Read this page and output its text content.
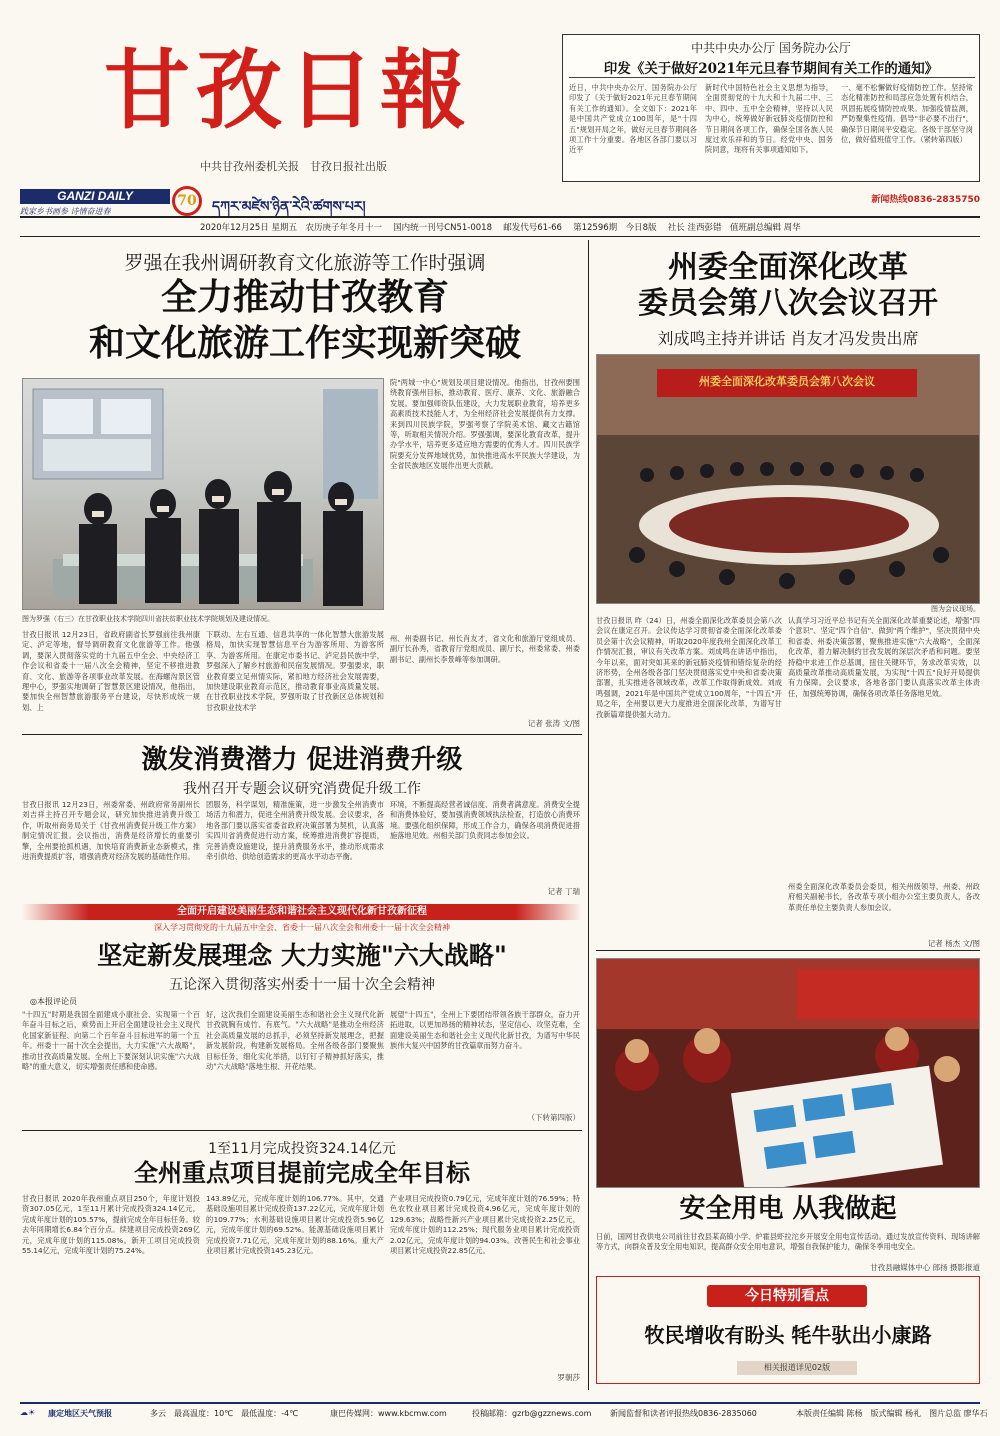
甘孜日報
中共甘孜州委机关报　甘孜日报社出版
中共中央办公厅 国务院办公厅
印发《关于做好2021年元旦春节期间有关工作的通知》
近日，中共中央办公厅、国务院办公厅印发了《关于做好2021年元旦春节期间有关工作的通知》。全文如下：2021年是中国共产党成立100周年，是"十四五"规划开局之年，做好元旦春节期间各项工作十分重要。各地区各部门要以习近平
新时代中国特色社会主义思想为指导，全面贯彻党的十九大和十九届二中、三中、四中、五中全会精神，坚持以人民为中心，统筹做好新冠肺炎疫情防控和节日期间各项工作，确保全国各族人民度过欢乐祥和的节日。经党中央、国务院同意，现将有关事项通知如下。
一、毫不松懈做好疫情防控工作。坚持常态化精准防控和局部应急处置有机结合，巩固拓展疫情防控成果。加强疫情监测，严防聚集性疫情。倡导"非必要不出行"，确保节日期间平安稳定。各级干部坚守岗位，做好值班值守工作。（紧转第四版）
GANZI DAILY
践家乡书画参 诗情奋进春
70	དཀར་མཛེས་ཉིན་རེའི་ཚགས་པར།	新闻热线0836-2835750
2020年12月25日 星期五　农历庚子年冬月十一　 国内统一刊号CN51-0018　 邮发代号61-66　 第12596期　今日8版　 社长 洼西彭错　值班副总编辑 周华
罗强在我州调研教育文化旅游等工作时强调
全力推动甘孜教育
和文化旅游工作实现新突破
图为罗强（右三）在甘孜职业技术学院四川省扶贫职业技术学院规划及建设情况。
院"两城一中心"规划及项目建设情况。他指出，甘孜州要围绕教育强州目标，推动教育、医疗、康养、文化、旅游融合发展。要加强师资队伍建设，大力发展职业教育，培养更多高素质技术技能人才，为全州经济社会发展提供有力支撑。来到四川民族学院，罗强考察了学院美术馆、藏文古籍馆等，听取相关情况介绍。罗强强调，要深化教育改革，提升办学水平，培养更多适应地方需要的优秀人才。四川民族学院要充分发挥地域优势，加快推进高水平民族大学建设，为全省民族地区发展作出更大贡献。
甘孜日报讯 12月23日，省政府副省长罗强前往我州康定、泸定等地，督导调研教育文化旅游等工作。他强调，要深入贯彻落实党的十九届五中全会、中央经济工作会议和省委十一届八次全会精神，坚定不移推进教育、文化、旅游等各项事业改革发展。在海螺沟景区管理中心，罗强实地调研了智慧景区建设情况，他指出，要加快全州智慧旅游服务平台建设，尽快形成统一规划、上
下联动、左右互通、信息共享的一体化智慧大旅游发展格局，加快实现智慧信息平台为游客所用、为游客所享、为游客所用。在康定市委书记、泸定县民族中学，罗强深入了解乡村旅游和民宿发展情况。罗强要求，职业教育要立足州情实际，紧扣地方经济社会发展需要，加快建设职业教育示范区，推动教育事业高质量发展。在甘孜职业技术学院，罗强听取了甘孜新区总体规划和甘孜职业技术学
州、州委副书记、州长肖友才，省文化和旅游厅党组成员、副厅长孙秀，省教育厅党组成员、副厅长，州委常委、州委副书记、副州长李景峰等参加调研。
记者 张涛 文/图
州委全面深化改革
委员会第八次会议召开
刘成鸣主持并讲话 肖友才冯发贵出席
州委全面深化改革委员会第八次会议
图为会议现场。
甘孜日报讯 昨（24）日，州委全面深化改革委员会第八次会议在康定召开。会议传达学习贯彻省委全面深化改革委员会第十次会议精神，听取2020年度我州全面深化改革工作情况汇报，审议有关改革方案。刘成鸣在讲话中指出，今年以来，面对突如其来的新冠肺炎疫情和错综复杂的经济形势，全州各级各部门坚决贯彻落实党中央和省委决策部署，扎实推进各领域改革，改革工作取得新成效。刘成鸣强调，2021年是中国共产党成立100周年，"十四五"开局之年，全州要以更大力度推进全面深化改革，为谱写甘孜新篇章提供强大动力。
认真学习习近平总书记有关全面深化改革重要论述，增强"四个意识"、坚定"四个自信"、做到"两个维护"，坚决贯彻中央和省委、州委决策部署，聚焦推进实施"六大战略"，全面深化改革，着力解决制约甘孜发展的深层次矛盾和问题。要坚持稳中求进工作总基调，扭住关键环节，务求改革实效，以高质量改革推动高质量发展，为实现"十四五"良好开局提供有力保障。会议要求，各地各部门要认真落实改革主体责任，加强统筹协调，确保各项改革任务落地见效。
州委全面深化改革委员会委员，相关州级领导，州委、州政府相关副秘书长，各改革专项小组办公室主要负责人，各改革责任单位主要负责人参加会议。
记者 杨杰 文/图
激发消费潜力 促进消费升级
我州召开专题会议研究消费促升级工作
甘孜日报讯 12月23日，州委常委、州政府常务副州长刘吉祥主持召开专题会议，研究加快推进消费升级工作，听取州商务局关于《甘孜州消费促升级工作方案》制定情况汇报。会议指出，消费是经济增长的重要引擎，全州要抢抓机遇，加快培育消费新业态新模式，推进消费提质扩容，增强消费对经济发展的基础性作用。
团服务，科学谋划，精准施策，进一步激发全州消费市场活力和潜力，促进全州消费升级发展。会议要求，各地各部门要以落实省委省政府决策部署为契机，认真落实四川省消费促进行动方案，统筹推进消费扩容提质，完善消费设施建设，提升消费服务水平，推动形成需求牵引供给、供给创造需求的更高水平动态平衡。
环境，不断提高经营者诚信度、消费者满意度。消费安全提和消费体验好，要加强消费领域执法检查，打造放心消费环境。要强化组织保障，形成工作合力，确保各项消费促进措施落地见效。州相关部门负责同志参加会议。
记者 丁瑞
全面开启建设美丽生态和谐社会主义现代化新甘孜新征程
深入学习贯彻党的十九届五中全会、省委十一届八次全会和州委十一届十次全会精神
坚定新发展理念 大力实施"六大战略"
五论深入贯彻落实州委十一届十次全会精神
◎本报评论员
"十四五"时期是我国全面建成小康社会、实现第一个百年奋斗目标之后，乘势而上开启全面建设社会主义现代化国家新征程、向第二个百年奋斗目标进军的第一个五年。州委十一届十次全会提出，大力实施"六大战略"，推动甘孜高质量发展。全州上下要深刻认识实施"六大战略"的重大意义，切实增强责任感和使命感。
好，这次我们全面建设美丽生态和谐社会主义现代化新甘孜就胸有成竹、有底气。"六大战略"是推动全州经济社会高质量发展的总抓手，必须坚持新发展理念，把握新发展阶段，构建新发展格局。全州各级各部门要聚焦目标任务，细化实化举措，以钉钉子精神抓好落实，推动"六大战略"落地生根、开花结果。
展望"十四五"，全州上下要团结带领各族干部群众，奋力开拓进取，以更加昂扬的精神状态，坚定信心、攻坚克难，全面建设美丽生态和谐社会主义现代化新甘孜，为谱写中华民族伟大复兴中国梦的甘孜篇章而努力奋斗。
（下转第四版）
1至11月完成投资324.14亿元
全州重点项目提前完成全年目标
甘孜日报讯 2020年我州重点项目250个，年度计划投资307.05亿元，1至11月累计完成投资324.14亿元，完成年度计划的105.57%，提前完成全年目标任务。较去年同期增长6.84个百分点。续建项目完成投资269亿元，完成年度计划的115.08%。新开工项目完成投资55.14亿元，完成年度计划的75.24%。
143.89亿元，完成年度计划的106.77%。其中，交通基础设施项目累计完成投资137.22亿元，完成年度计划的109.77%；水利基础设施项目累计完成投资5.96亿元，完成年度计划的69.52%。能源基础设施项目累计完成投资7.71亿元，完成年度计划的88.16%。重大产业项目累计完成投资145.23亿元。
产业项目完成投资0.79亿元，完成年度计划的76.59%；特色农牧业项目累计完成投资4.96亿元，完成年度计划的129.63%；战略性新兴产业项目累计完成投资2.25亿元，完成年度计划的112.25%；现代服务业项目累计完成投资2.02亿元，完成年度计划的94.03%。改善民生和社会事业项目累计完成投资22.85亿元。
罗朝莎
安全用电 从我做起
日前，国网甘孜供电公司前往甘孜县某高镇小学、炉霍县虾拉沱乡开展安全用电宣传活动。通过发放宣传资料、现场讲解等方式，向群众普及安全用电知识，提高群众安全用电意识，增强自我保护能力，确保冬季用电安全。
甘孜县融媒体中心 郎扬 摄影报道
今日特别看点
牧民增收有盼头 牦牛驮出小康路
相关报道详见02版
☁☀ 康定地区天气预报	多云　最高温度：10℃　最低温度：-4℃	康巴传媒网：www.kbcmw.com	投稿邮箱：gzrb@gzznews.com 新闻监督和读者评报热线0836-2835060	本版责任编辑 陈杨　版式编辑 杨礼　图片总监 廖华石
